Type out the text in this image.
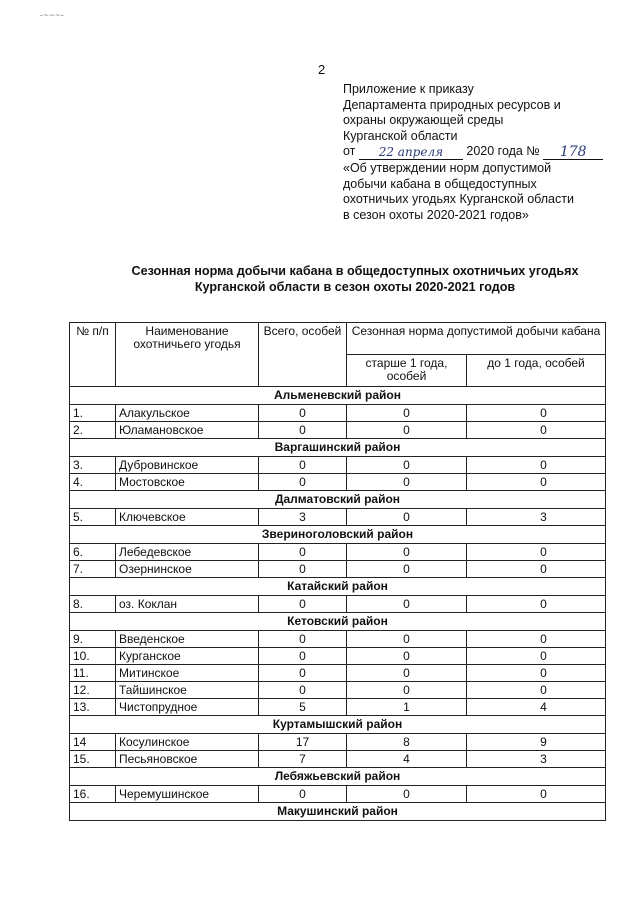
- ~ ~ ~ -
2
Приложение к приказу
Департамента природных ресурсов и
охраны окружающей среды
Курганской области
от 22 апреля 2020 года № 178
«Об утверждении норм допустимой
добычи кабана в общедоступных
охотничьих угодьях Курганской области
в сезон охоты 2020-2021 годов»
Сезонная норма добычи кабана в общедоступных охотничьих угодьях
Курганской области в сезон охоты 2020-2021 годов
№ п/п	Наименование охотничьего угодья	Всего, особей	Сезонная норма допустимой добычи кабана	
			старше 1 года, особей	до 1 года, особей
Альменевский район				
1.	Алакульское	0	0	0
2.	Юламановское	0	0	0
Варгашинский район				
3.	Дубровинское	0	0	0
4.	Мостовское	0	0	0
Далматовский район				
5.	Ключевское	3	0	3
Звериноголовский район				
6.	Лебедевское	0	0	0
7.	Озернинское	0	0	0
Катайский район				
8.	оз. Коклан	0	0	0
Кетовский район				
9.	Введенское	0	0	0
10.	Курганское	0	0	0
11.	Митинское	0	0	0
12.	Тайшинское	0	0	0
13.	Чистопрудное	5	1	4
Куртамышский район				
14	Косулинское	17	8	9
15.	Песьяновское	7	4	3
Лебяжьевский район				
16.	Черемушинское	0	0	0
Макушинский район				
